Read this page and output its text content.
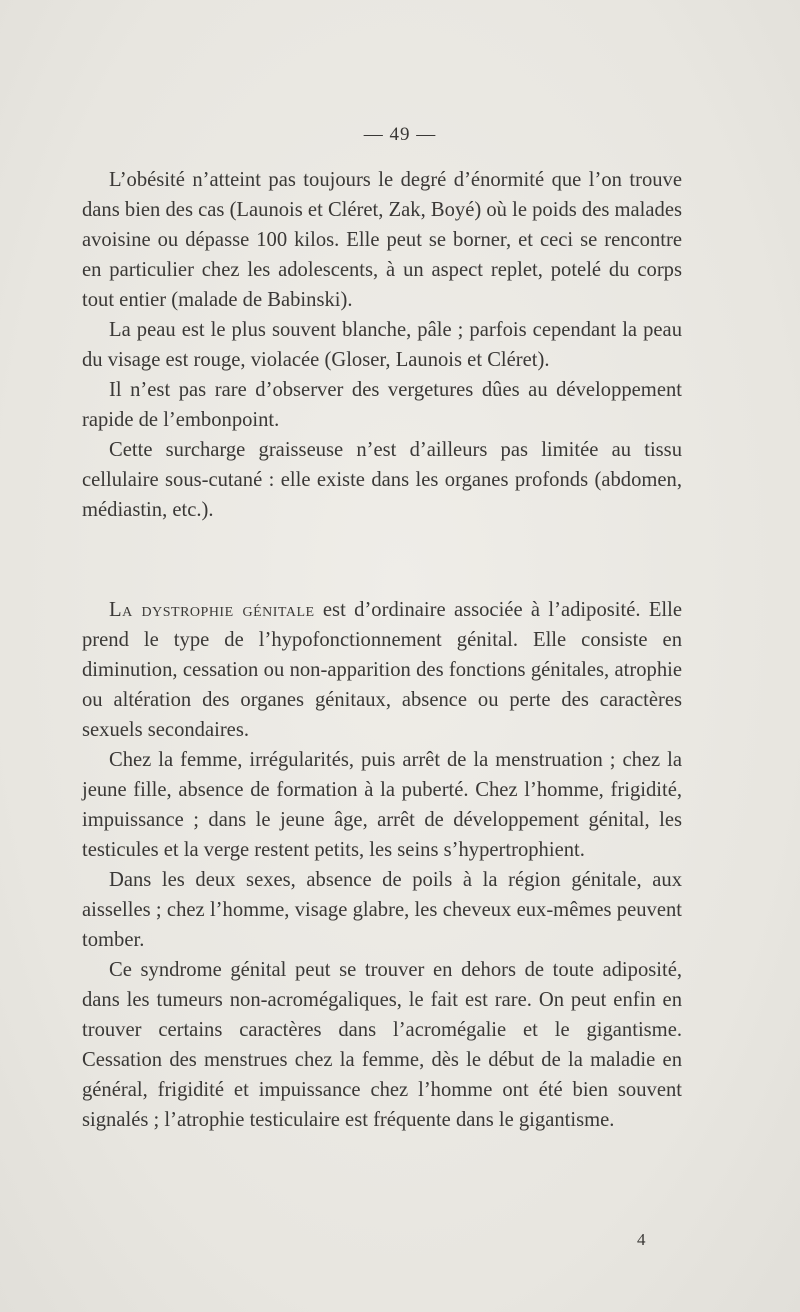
— 49 —

L’obésité n’atteint pas toujours le degré d’énormité que l’on trouve dans bien des cas (Launois et Cléret, Zak, Boyé) où le poids des malades avoisine ou dépasse 100 kilos. Elle peut se borner, et ceci se rencontre en particulier chez les adolescents, à un aspect replet, potelé du corps tout entier (malade de Babinski).

La peau est le plus souvent blanche, pâle ; parfois cependant la peau du visage est rouge, violacée (Gloser, Launois et Cléret).

Il n’est pas rare d’observer des vergetures dûes au développement rapide de l’embonpoint.

Cette surcharge graisseuse n’est d’ailleurs pas limitée au tissu cellulaire sous-cutané : elle existe dans les organes profonds (abdomen, médiastin, etc.).

La dystrophie génitale est d’ordinaire associée à l’adiposité. Elle prend le type de l’hypofonctionnement génital. Elle consiste en diminution, cessation ou non-apparition des fonctions génitales, atrophie ou altération des organes génitaux, absence ou perte des caractères sexuels secondaires.

Chez la femme, irrégularités, puis arrêt de la menstruation ; chez la jeune fille, absence de formation à la puberté. Chez l’homme, frigidité, impuissance ; dans le jeune âge, arrêt de développement génital, les testicules et la verge restent petits, les seins s’hypertrophient.

Dans les deux sexes, absence de poils à la région génitale, aux aisselles ; chez l’homme, visage glabre, les cheveux eux-mêmes peuvent tomber.

Ce syndrome génital peut se trouver en dehors de toute adiposité, dans les tumeurs non-acromégaliques, le fait est rare. On peut enfin en trouver certains caractères dans l’acromégalie et le gigantisme. Cessation des menstrues chez la femme, dès le début de la maladie en général, frigidité et impuissance chez l’homme ont été bien souvent signalés ; l’atrophie testiculaire est fréquente dans le gigantisme.

4
